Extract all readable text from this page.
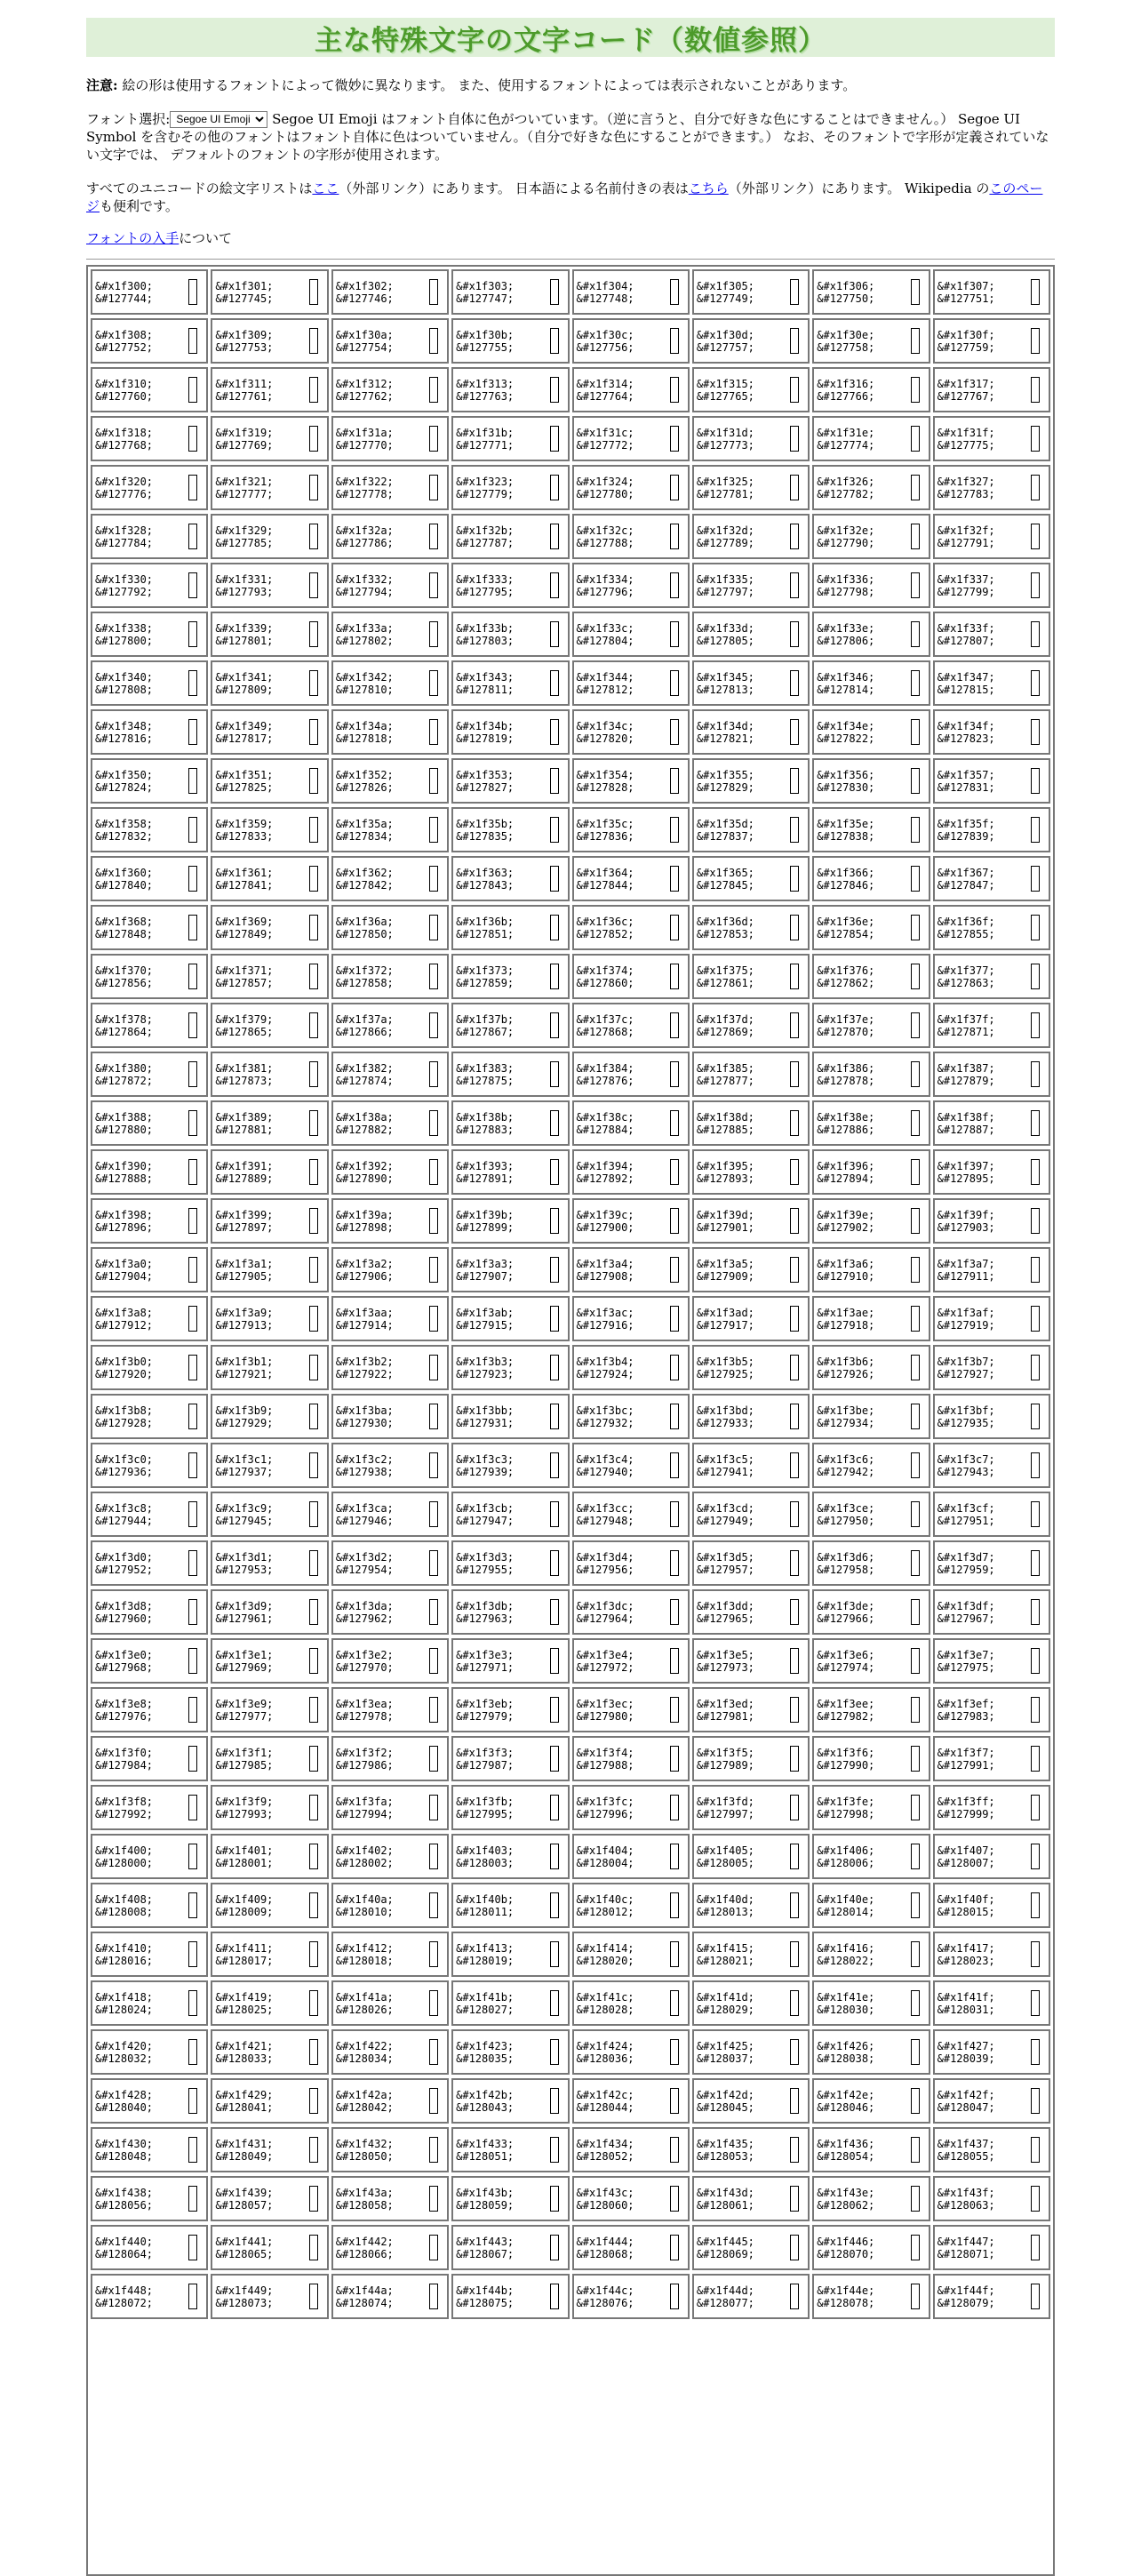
主な特殊文字の文字コード（数値参照）

注意: 絵の形は使用するフォントによって微妙に異なります。 また、使用するフォントによっては表示されないことがあります。

フォント選択:
Segoe UI Emoji	Segoe UI Emoji はフォント自体に色がついています。（逆に言うと、自分で好きな色にすることはできません。） Segoe UI Symbol を含むその他のフォントはフォント自体に色はついていません。（自分で好きな色にすることができます。） なお、そのフォントで字形が定義されていない文字では、 デフォルトのフォントの字形が使用されます。

すべてのユニコードの絵文字リストはここ（外部リンク）にあります。 日本語による名前付きの表はこちら（外部リンク）にあります。 Wikipedia のこのページも便利です。

フォントの入手について

&#x1f300;
&#127744;
&#x1f301;
&#127745;
&#x1f302;
&#127746;
&#x1f303;
&#127747;
&#x1f304;
&#127748;
&#x1f305;
&#127749;
&#x1f306;
&#127750;
&#x1f307;
&#127751;
&#x1f308;
&#127752;
&#x1f309;
&#127753;
&#x1f30a;
&#127754;
&#x1f30b;
&#127755;
&#x1f30c;
&#127756;
&#x1f30d;
&#127757;
&#x1f30e;
&#127758;
&#x1f30f;
&#127759;
&#x1f310;
&#127760;
&#x1f311;
&#127761;
&#x1f312;
&#127762;
&#x1f313;
&#127763;
&#x1f314;
&#127764;
&#x1f315;
&#127765;
&#x1f316;
&#127766;
&#x1f317;
&#127767;
&#x1f318;
&#127768;
&#x1f319;
&#127769;
&#x1f31a;
&#127770;
&#x1f31b;
&#127771;
&#x1f31c;
&#127772;
&#x1f31d;
&#127773;
&#x1f31e;
&#127774;
&#x1f31f;
&#127775;
&#x1f320;
&#127776;
&#x1f321;
&#127777;
&#x1f322;
&#127778;
&#x1f323;
&#127779;
&#x1f324;
&#127780;
&#x1f325;
&#127781;
&#x1f326;
&#127782;
&#x1f327;
&#127783;
&#x1f328;
&#127784;
&#x1f329;
&#127785;
&#x1f32a;
&#127786;
&#x1f32b;
&#127787;
&#x1f32c;
&#127788;
&#x1f32d;
&#127789;
&#x1f32e;
&#127790;
&#x1f32f;
&#127791;
&#x1f330;
&#127792;
&#x1f331;
&#127793;
&#x1f332;
&#127794;
&#x1f333;
&#127795;
&#x1f334;
&#127796;
&#x1f335;
&#127797;
&#x1f336;
&#127798;
&#x1f337;
&#127799;
&#x1f338;
&#127800;
&#x1f339;
&#127801;
&#x1f33a;
&#127802;
&#x1f33b;
&#127803;
&#x1f33c;
&#127804;
&#x1f33d;
&#127805;
&#x1f33e;
&#127806;
&#x1f33f;
&#127807;
&#x1f340;
&#127808;
&#x1f341;
&#127809;
&#x1f342;
&#127810;
&#x1f343;
&#127811;
&#x1f344;
&#127812;
&#x1f345;
&#127813;
&#x1f346;
&#127814;
&#x1f347;
&#127815;
&#x1f348;
&#127816;
&#x1f349;
&#127817;
&#x1f34a;
&#127818;
&#x1f34b;
&#127819;
&#x1f34c;
&#127820;
&#x1f34d;
&#127821;
&#x1f34e;
&#127822;
&#x1f34f;
&#127823;
&#x1f350;
&#127824;
&#x1f351;
&#127825;
&#x1f352;
&#127826;
&#x1f353;
&#127827;
&#x1f354;
&#127828;
&#x1f355;
&#127829;
&#x1f356;
&#127830;
&#x1f357;
&#127831;
&#x1f358;
&#127832;
&#x1f359;
&#127833;
&#x1f35a;
&#127834;
&#x1f35b;
&#127835;
&#x1f35c;
&#127836;
&#x1f35d;
&#127837;
&#x1f35e;
&#127838;
&#x1f35f;
&#127839;
&#x1f360;
&#127840;
&#x1f361;
&#127841;
&#x1f362;
&#127842;
&#x1f363;
&#127843;
&#x1f364;
&#127844;
&#x1f365;
&#127845;
&#x1f366;
&#127846;
&#x1f367;
&#127847;
&#x1f368;
&#127848;
&#x1f369;
&#127849;
&#x1f36a;
&#127850;
&#x1f36b;
&#127851;
&#x1f36c;
&#127852;
&#x1f36d;
&#127853;
&#x1f36e;
&#127854;
&#x1f36f;
&#127855;
&#x1f370;
&#127856;
&#x1f371;
&#127857;
&#x1f372;
&#127858;
&#x1f373;
&#127859;
&#x1f374;
&#127860;
&#x1f375;
&#127861;
&#x1f376;
&#127862;
&#x1f377;
&#127863;
&#x1f378;
&#127864;
&#x1f379;
&#127865;
&#x1f37a;
&#127866;
&#x1f37b;
&#127867;
&#x1f37c;
&#127868;
&#x1f37d;
&#127869;
&#x1f37e;
&#127870;
&#x1f37f;
&#127871;
&#x1f380;
&#127872;
&#x1f381;
&#127873;
&#x1f382;
&#127874;
&#x1f383;
&#127875;
&#x1f384;
&#127876;
&#x1f385;
&#127877;
&#x1f386;
&#127878;
&#x1f387;
&#127879;
&#x1f388;
&#127880;
&#x1f389;
&#127881;
&#x1f38a;
&#127882;
&#x1f38b;
&#127883;
&#x1f38c;
&#127884;
&#x1f38d;
&#127885;
&#x1f38e;
&#127886;
&#x1f38f;
&#127887;
&#x1f390;
&#127888;
&#x1f391;
&#127889;
&#x1f392;
&#127890;
&#x1f393;
&#127891;
&#x1f394;
&#127892;
&#x1f395;
&#127893;
&#x1f396;
&#127894;
&#x1f397;
&#127895;
&#x1f398;
&#127896;
&#x1f399;
&#127897;
&#x1f39a;
&#127898;
&#x1f39b;
&#127899;
&#x1f39c;
&#127900;
&#x1f39d;
&#127901;
&#x1f39e;
&#127902;
&#x1f39f;
&#127903;
&#x1f3a0;
&#127904;
&#x1f3a1;
&#127905;
&#x1f3a2;
&#127906;
&#x1f3a3;
&#127907;
&#x1f3a4;
&#127908;
&#x1f3a5;
&#127909;
&#x1f3a6;
&#127910;
&#x1f3a7;
&#127911;
&#x1f3a8;
&#127912;
&#x1f3a9;
&#127913;
&#x1f3aa;
&#127914;
&#x1f3ab;
&#127915;
&#x1f3ac;
&#127916;
&#x1f3ad;
&#127917;
&#x1f3ae;
&#127918;
&#x1f3af;
&#127919;
&#x1f3b0;
&#127920;
&#x1f3b1;
&#127921;
&#x1f3b2;
&#127922;
&#x1f3b3;
&#127923;
&#x1f3b4;
&#127924;
&#x1f3b5;
&#127925;
&#x1f3b6;
&#127926;
&#x1f3b7;
&#127927;
&#x1f3b8;
&#127928;
&#x1f3b9;
&#127929;
&#x1f3ba;
&#127930;
&#x1f3bb;
&#127931;
&#x1f3bc;
&#127932;
&#x1f3bd;
&#127933;
&#x1f3be;
&#127934;
&#x1f3bf;
&#127935;
&#x1f3c0;
&#127936;
&#x1f3c1;
&#127937;
&#x1f3c2;
&#127938;
&#x1f3c3;
&#127939;
&#x1f3c4;
&#127940;
&#x1f3c5;
&#127941;
&#x1f3c6;
&#127942;
&#x1f3c7;
&#127943;
&#x1f3c8;
&#127944;
&#x1f3c9;
&#127945;
&#x1f3ca;
&#127946;
&#x1f3cb;
&#127947;
&#x1f3cc;
&#127948;
&#x1f3cd;
&#127949;
&#x1f3ce;
&#127950;
&#x1f3cf;
&#127951;
&#x1f3d0;
&#127952;
&#x1f3d1;
&#127953;
&#x1f3d2;
&#127954;
&#x1f3d3;
&#127955;
&#x1f3d4;
&#127956;
&#x1f3d5;
&#127957;
&#x1f3d6;
&#127958;
&#x1f3d7;
&#127959;
&#x1f3d8;
&#127960;
&#x1f3d9;
&#127961;
&#x1f3da;
&#127962;
&#x1f3db;
&#127963;
&#x1f3dc;
&#127964;
&#x1f3dd;
&#127965;
&#x1f3de;
&#127966;
&#x1f3df;
&#127967;
&#x1f3e0;
&#127968;
&#x1f3e1;
&#127969;
&#x1f3e2;
&#127970;
&#x1f3e3;
&#127971;
&#x1f3e4;
&#127972;
&#x1f3e5;
&#127973;
&#x1f3e6;
&#127974;
&#x1f3e7;
&#127975;
&#x1f3e8;
&#127976;
&#x1f3e9;
&#127977;
&#x1f3ea;
&#127978;
&#x1f3eb;
&#127979;
&#x1f3ec;
&#127980;
&#x1f3ed;
&#127981;
&#x1f3ee;
&#127982;
&#x1f3ef;
&#127983;
&#x1f3f0;
&#127984;
&#x1f3f1;
&#127985;
&#x1f3f2;
&#127986;
&#x1f3f3;
&#127987;
&#x1f3f4;
&#127988;
&#x1f3f5;
&#127989;
&#x1f3f6;
&#127990;
&#x1f3f7;
&#127991;
&#x1f3f8;
&#127992;
&#x1f3f9;
&#127993;
&#x1f3fa;
&#127994;
&#x1f3fb;
&#127995;
&#x1f3fc;
&#127996;
&#x1f3fd;
&#127997;
&#x1f3fe;
&#127998;
&#x1f3ff;
&#127999;
&#x1f400;
&#128000;
&#x1f401;
&#128001;
&#x1f402;
&#128002;
&#x1f403;
&#128003;
&#x1f404;
&#128004;
&#x1f405;
&#128005;
&#x1f406;
&#128006;
&#x1f407;
&#128007;
&#x1f408;
&#128008;
&#x1f409;
&#128009;
&#x1f40a;
&#128010;
&#x1f40b;
&#128011;
&#x1f40c;
&#128012;
&#x1f40d;
&#128013;
&#x1f40e;
&#128014;
&#x1f40f;
&#128015;
&#x1f410;
&#128016;
&#x1f411;
&#128017;
&#x1f412;
&#128018;
&#x1f413;
&#128019;
&#x1f414;
&#128020;
&#x1f415;
&#128021;
&#x1f416;
&#128022;
&#x1f417;
&#128023;
&#x1f418;
&#128024;
&#x1f419;
&#128025;
&#x1f41a;
&#128026;
&#x1f41b;
&#128027;
&#x1f41c;
&#128028;
&#x1f41d;
&#128029;
&#x1f41e;
&#128030;
&#x1f41f;
&#128031;
&#x1f420;
&#128032;
&#x1f421;
&#128033;
&#x1f422;
&#128034;
&#x1f423;
&#128035;
&#x1f424;
&#128036;
&#x1f425;
&#128037;
&#x1f426;
&#128038;
&#x1f427;
&#128039;
&#x1f428;
&#128040;
&#x1f429;
&#128041;
&#x1f42a;
&#128042;
&#x1f42b;
&#128043;
&#x1f42c;
&#128044;
&#x1f42d;
&#128045;
&#x1f42e;
&#128046;
&#x1f42f;
&#128047;
&#x1f430;
&#128048;
&#x1f431;
&#128049;
&#x1f432;
&#128050;
&#x1f433;
&#128051;
&#x1f434;
&#128052;
&#x1f435;
&#128053;
&#x1f436;
&#128054;
&#x1f437;
&#128055;
&#x1f438;
&#128056;
&#x1f439;
&#128057;
&#x1f43a;
&#128058;
&#x1f43b;
&#128059;
&#x1f43c;
&#128060;
&#x1f43d;
&#128061;
&#x1f43e;
&#128062;
&#x1f43f;
&#128063;
&#x1f440;
&#128064;
&#x1f441;
&#128065;
&#x1f442;
&#128066;
&#x1f443;
&#128067;
&#x1f444;
&#128068;
&#x1f445;
&#128069;
&#x1f446;
&#128070;
&#x1f447;
&#128071;
&#x1f448;
&#128072;
&#x1f449;
&#128073;
&#x1f44a;
&#128074;
&#x1f44b;
&#128075;
&#x1f44c;
&#128076;
&#x1f44d;
&#128077;
&#x1f44e;
&#128078;
&#x1f44f;
&#128079;
